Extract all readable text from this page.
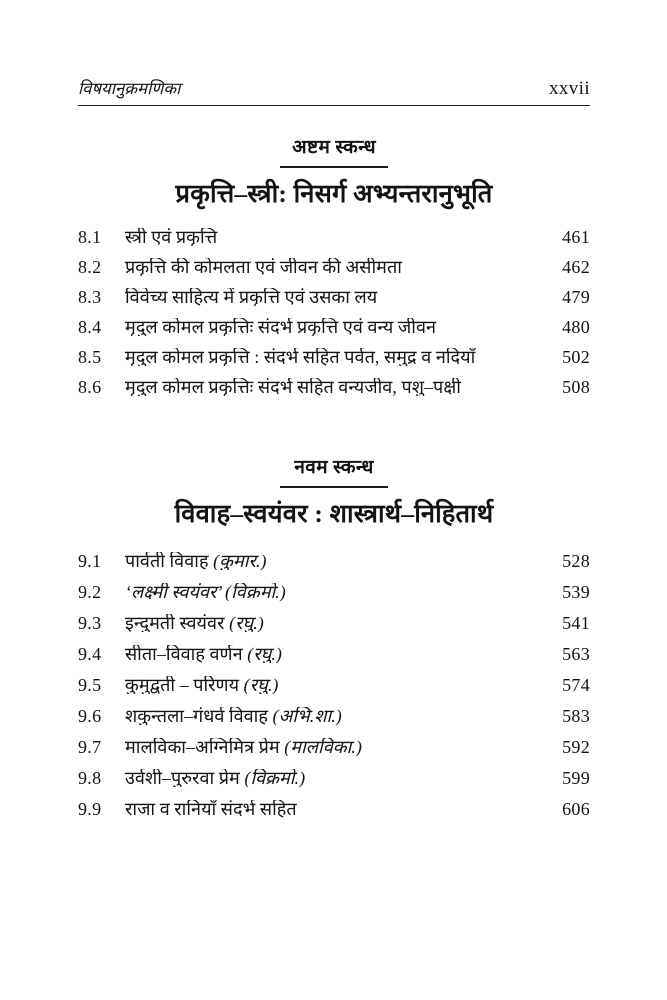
विषयानुक्रमणिका	xxvii
अष्टम स्कन्ध
प्रकृत्ति–स्त्री: निसर्ग अभ्यन्तरानुभूति
8.1	स्त्री एवं प्रकृत्ति	461
8.2	प्रकृत्ति की कोमलता एवं जीवन की असीमता	462
8.3	विवेच्य साहित्य में प्रकृत्ति एवं उसका लय	479
8.4	मृदुल कोमल प्रकृत्तिः संदर्भ प्रकृत्ति एवं वन्य जीवन	480
8.5	मृदुल कोमल प्रकृत्ति : संदर्भ सहित पर्वत, समुद्र व नदियाँ	502
8.6	मृदुल कोमल प्रकृत्तिः संदर्भ सहित वन्यजीव, पशु–पक्षी	508
नवम स्कन्ध
विवाह–स्वयंवर : शास्त्रार्थ–निहितार्थ
9.1	पार्वती विवाह (कुमार.)	528
9.2	‘लक्ष्मी स्वयंवर’ (विक्रमो.)	539
9.3	इन्दुमती स्वयंवर (रघु.)	541
9.4	सीता–विवाह वर्णन (रघु.)	563
9.5	कुमुद्वती – परिणय (रघु.)	574
9.6	शकुन्तला–गंधर्व विवाह (अभि.शा.)	583
9.7	मालविका–अग्निमित्र प्रेम (मालविका.)	592
9.8	उर्वशी–पुरुरवा प्रेम (विक्रमो.)	599
9.9	राजा व रानियाँ संदर्भ सहित	606
